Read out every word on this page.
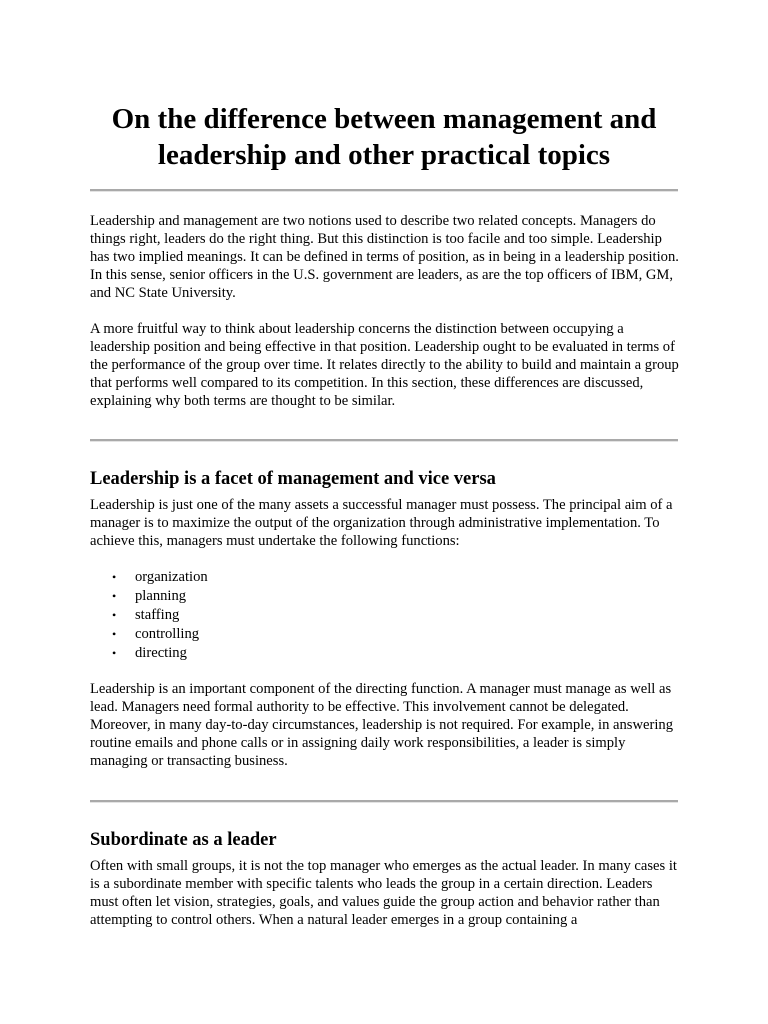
On the difference between management and
leadership and other practical topics

Leadership and management are two notions used to describe two related concepts. Managers do things right, leaders do the right thing. But this distinction is too facile and too simple. Leadership has two implied meanings. It can be defined in terms of position, as in being in a leadership position. In this sense, senior officers in the U.S. government are leaders, as are the top officers of IBM, GM, and NC State University.

A more fruitful way to think about leadership concerns the distinction between occupying a leadership position and being effective in that position. Leadership ought to be evaluated in terms of the performance of the group over time. It relates directly to the ability to build and maintain a group that performs well compared to its competition. In this section, these differences are discussed, explaining why both terms are thought to be similar.

Leadership is a facet of management and vice versa

Leadership is just one of the many assets a successful manager must possess. The principal aim of a manager is to maximize the output of the organization through administrative implementation. To achieve this, managers must undertake the following functions:

• organization
• planning
• staffing
• controlling
• directing

Leadership is an important component of the directing function. A manager must manage as well as lead. Managers need formal authority to be effective. This involvement cannot be delegated. Moreover, in many day-to-day circumstances, leadership is not required. For example, in answering routine emails and phone calls or in assigning daily work responsibilities, a leader is simply managing or transacting business.

Subordinate as a leader

Often with small groups, it is not the top manager who emerges as the actual leader. In many cases it is a subordinate member with specific talents who leads the group in a certain direction. Leaders must often let vision, strategies, goals, and values guide the group action and behavior rather than attempting to control others. When a natural leader emerges in a group containing a
